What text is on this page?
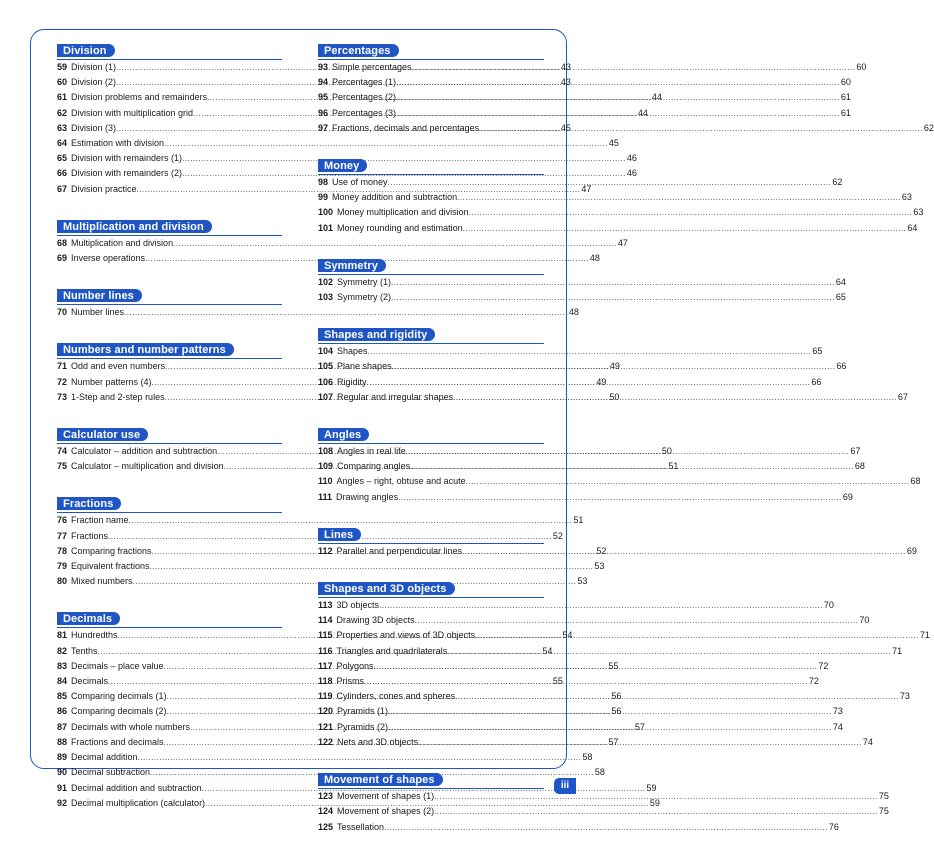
Division
59 Division (1) .....	43
60 Division (2) .....	43
61 Division problems and remainders .....	44
62 Division with multiplication grid .....	44
63 Division (3) .....	45
64 Estimation with division .....	45
65 Division with remainders (1) .....	46
66 Division with remainders (2) .....	46
67 Division practice .....	47
Multiplication and division
68 Multiplication and division .....	47
69 Inverse operations .....	48
Number lines
70 Number lines .....	48
Numbers and number patterns
71 Odd and even numbers .....	49
72 Number patterns (4) .....	49
73 1-Step and 2-step rules .....	50
Calculator use
74 Calculator – addition and subtraction .....	50
75 Calculator – multiplication and division .....	51
Fractions
76 Fraction name .....	51
77 Fractions .....	52
78 Comparing fractions .....	52
79 Equivalent fractions .....	53
80 Mixed numbers .....	53
Decimals
81 Hundredths .....	54
82 Tenths .....	54
83 Decimals – place value .....	55
84 Decimals .....	55
85 Comparing decimals (1) .....	56
86 Comparing decimals (2) .....	56
87 Decimals with whole numbers .....	57
88 Fractions and decimals .....	57
89 Decimal addition .....	58
90 Decimal subtraction .....	58
91 Decimal addition and subtraction .....	59
92 Decimal multiplication (calculator) .....	59
Percentages
93 Simple percentages .....	60
94 Percentages (1) .....	60
95 Percentages (2) .....	61
96 Percentages (3) .....	61
97 Fractions, decimals and percentages .....	62
Money
98 Use of money .....	62
99 Money addition and subtraction .....	63
100 Money multiplication and division .....	63
101 Money rounding and estimation .....	64
Symmetry
102 Symmetry (1) .....	64
103 Symmetry (2) .....	65
Shapes and rigidity
104 Shapes .....	65
105 Plane shapes .....	66
106 Rigidity .....	66
107 Regular and irregular shapes .....	67
Angles
108 Angles in real life .....	67
109 Comparing angles .....	68
110 Angles – right, obtuse and acute .....	68
111 Drawing angles .....	69
Lines
112 Parallel and perpendicular lines .....	69
Shapes and 3D objects
113 3D objects .....	70
114 Drawing 3D objects .....	70
115 Properties and views of 3D objects .....	71
116 Triangles and quadrilaterals .....	71
117 Polygons .....	72
118 Prisms .....	72
119 Cylinders, cones and spheres .....	73
120 Pyramids (1) .....	73
121 Pyramids (2) .....	74
122 Nets and 3D objects .....	74
Movement of shapes
123 Movement of shapes (1) .....	75
124 Movement of shapes (2) .....	75
125 Tessellation .....	76
iii
